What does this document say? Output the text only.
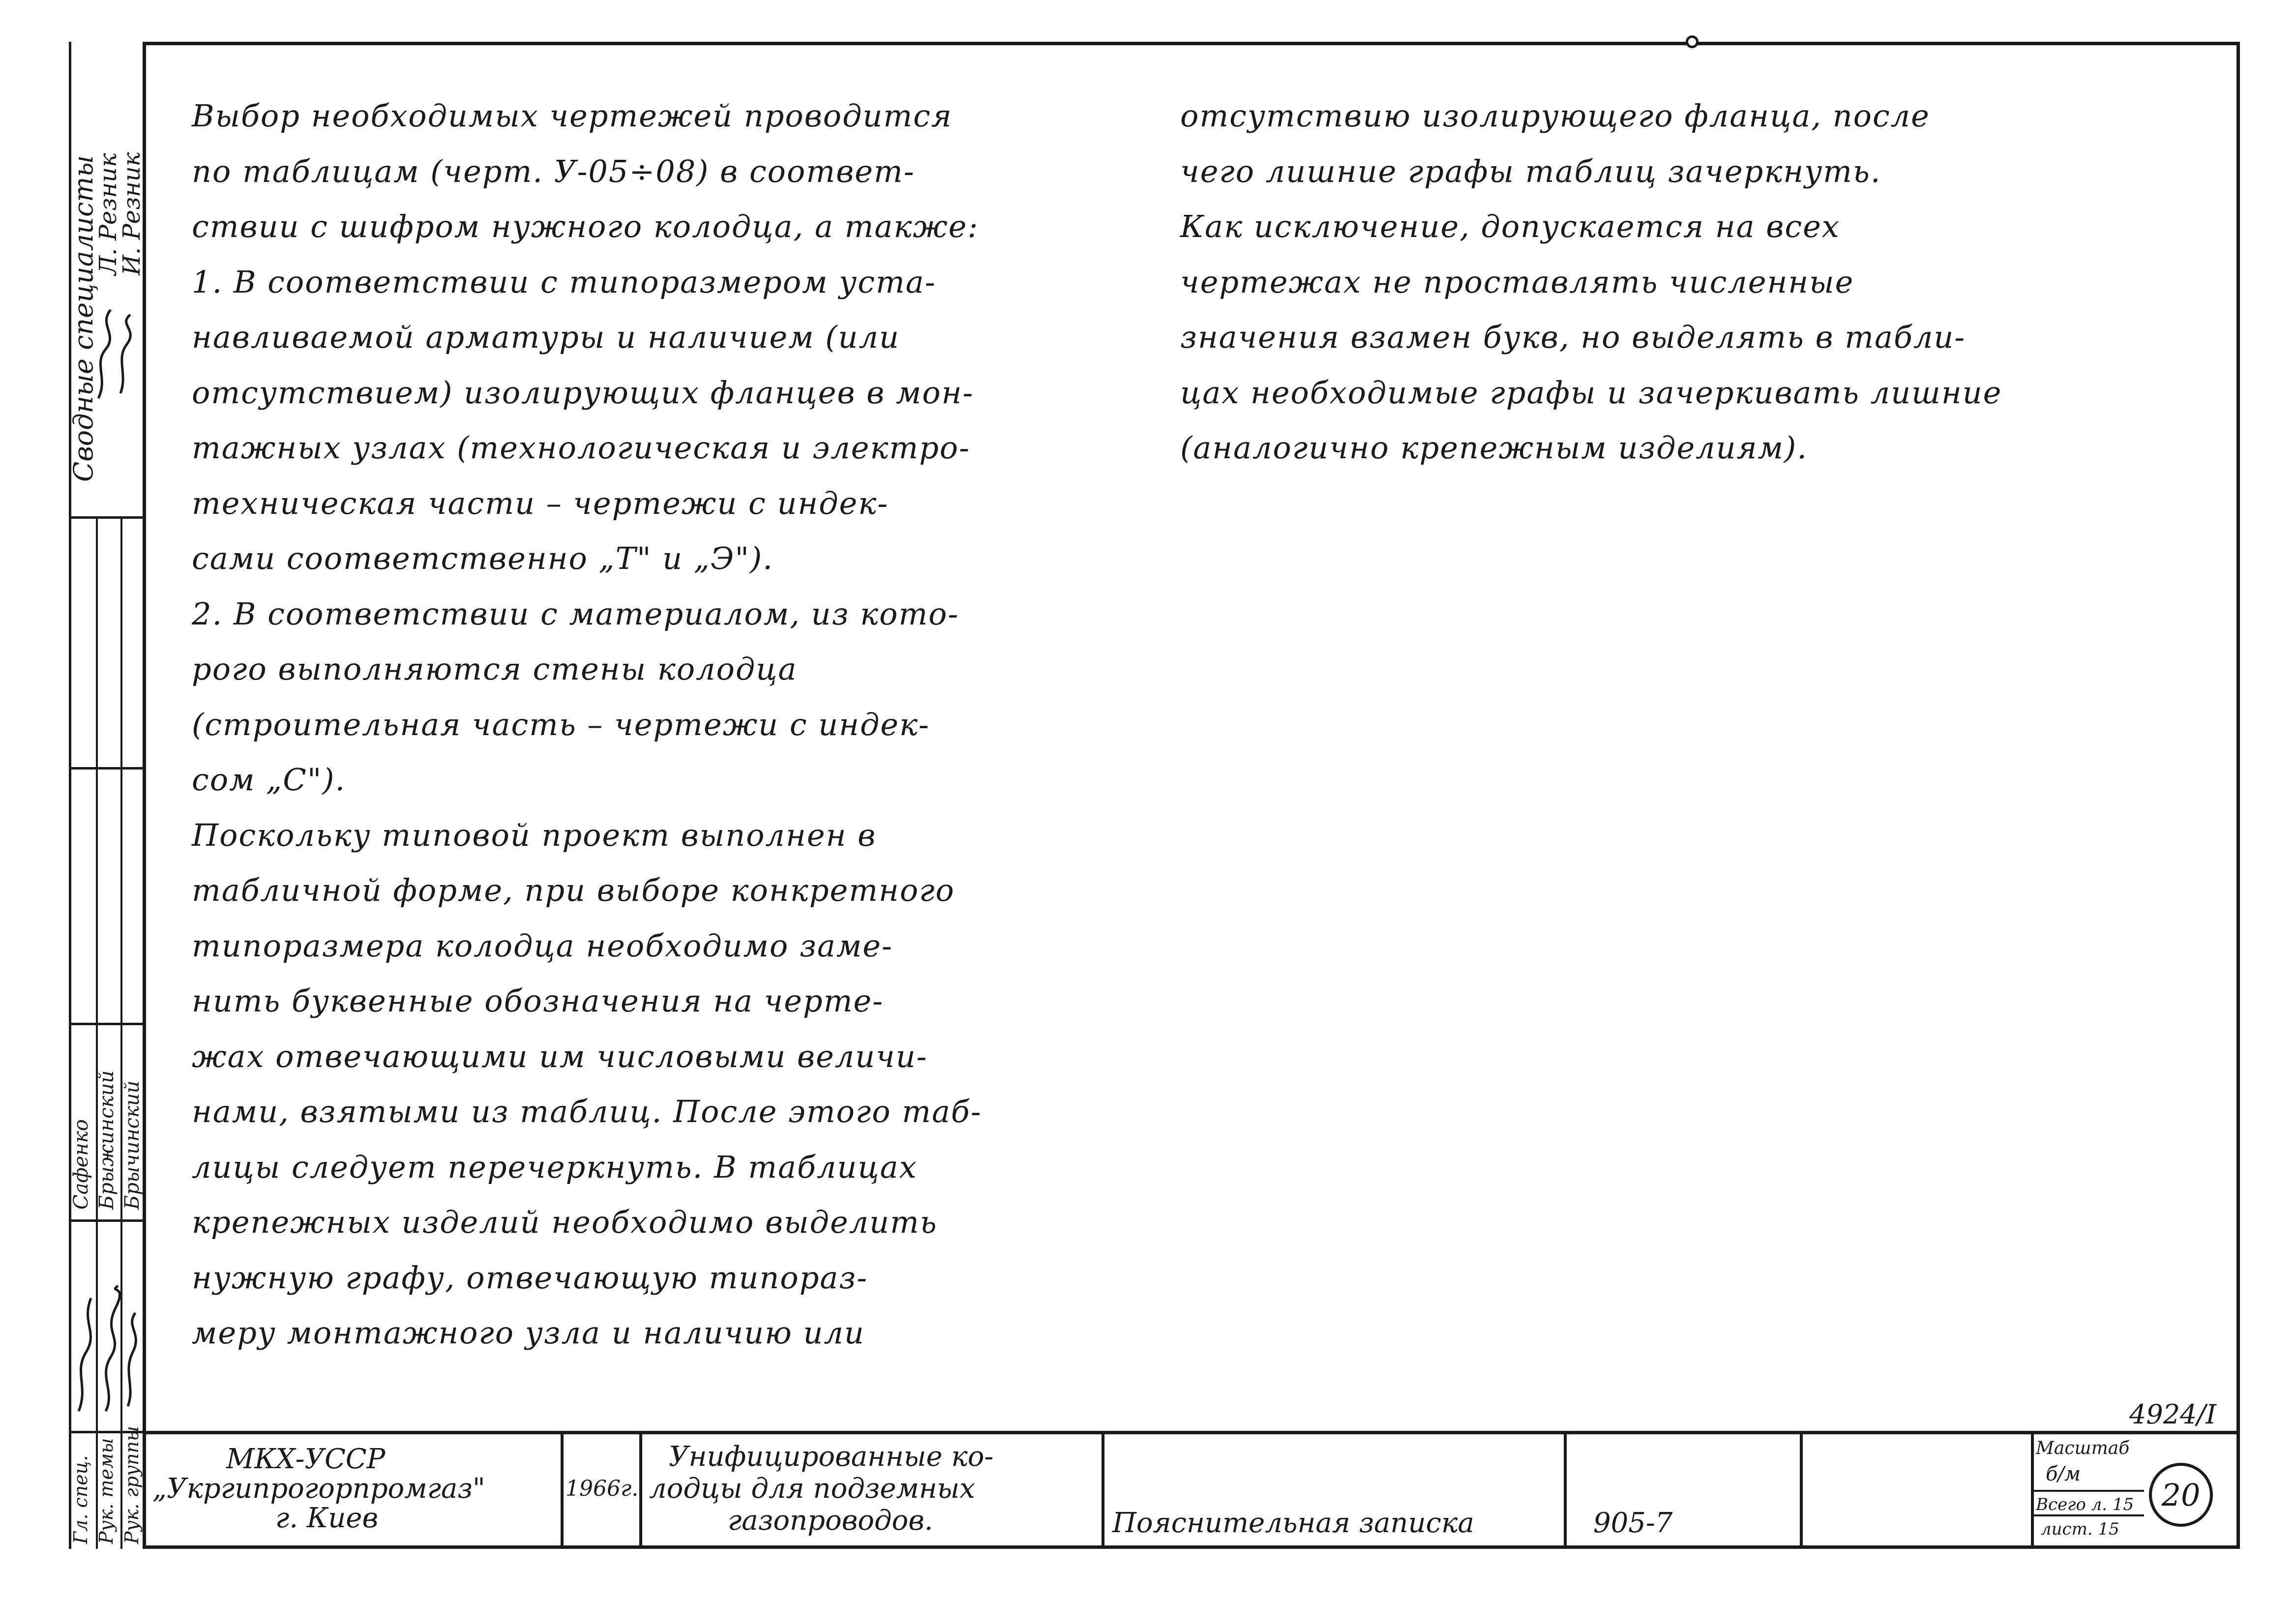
Выбор необходимых чертежей проводится
по таблицам (черт. У-05÷08) в соответ-
ствии с шифром нужного колодца, а также:
1. В соответствии с типоразмером уста-
навливаемой арматуры и наличием (или
отсутствием) изолирующих фланцев в мон-
тажных узлах (технологическая и электро-
техническая части – чертежи с индек-
сами соответственно „Т" и „Э").
2. В соответствии с материалом, из кото-
рого выполняются стены колодца
(строительная часть – чертежи с индек-
сом „С").
Поскольку типовой проект выполнен в
табличной форме, при выборе конкретного
типоразмера колодца необходимо заме-
нить буквенные обозначения на черте-
жах отвечающими им числовыми величи-
нами, взятыми из таблиц. После этого таб-
лицы следует перечеркнуть. В таблицах
крепежных изделий необходимо выделить
нужную графу, отвечающую типораз-
меру монтажного узла и наличию или
отсутствию изолирующего фланца, после
чего лишние графы таблиц зачеркнуть.
Как исключение, допускается на всех
чертежах не проставлять численные
значения взамен букв, но выделять в табли-
цах необходимые графы и зачеркивать лишние
(аналогично крепежным изделиям).
Сводные специалисты
Л. Резник
И. Резник
Гл. спец. Рук. темы Рук. группы
Сафенко Брыжинский Брычинский
МКХ-УССР
„Укргипрогорпромгаз"
г. Киев
1966г.
Унифицированные ко-
лодцы для подземных
газопроводов.	Пояснительная записка	905-7
4924/I
Масштаб
б/м
Всего л. 15
лист. 15
20
